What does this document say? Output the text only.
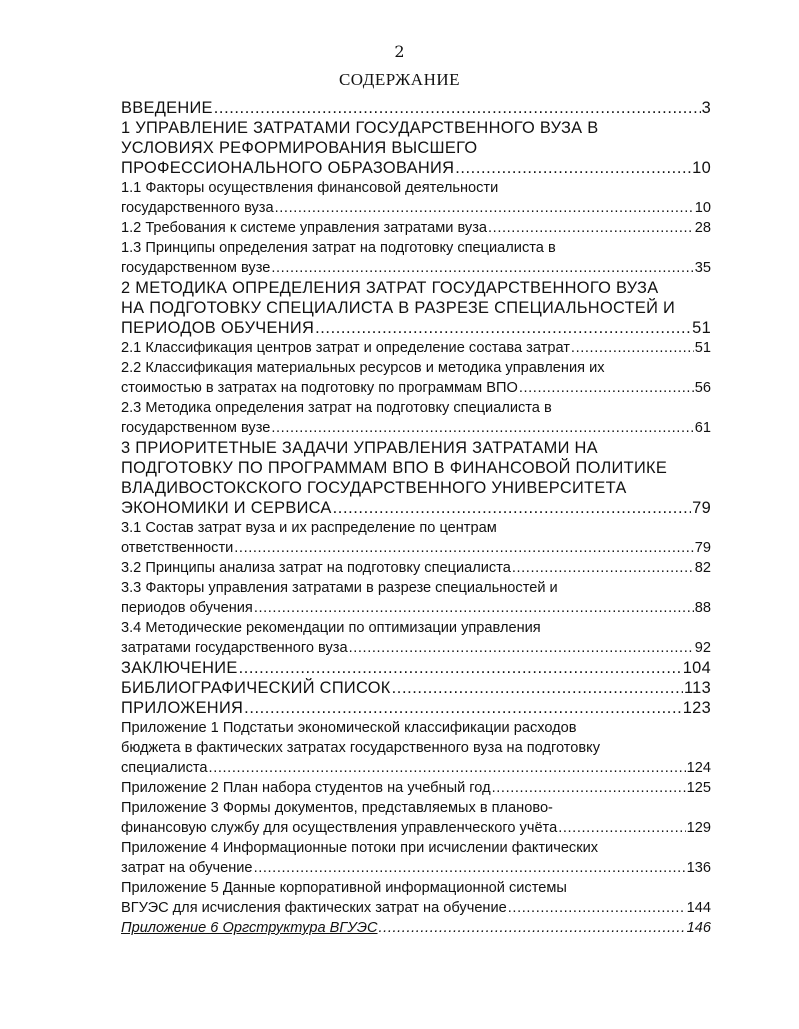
2
СОДЕРЖАНИЕ
ВВЕДЕНИЕ .....	3
1 УПРАВЛЕНИЕ ЗАТРАТАМИ ГОСУДАРСТВЕННОГО ВУЗА В
УСЛОВИЯХ РЕФОРМИРОВАНИЯ ВЫСШЕГО
ПРОФЕССИОНАЛЬНОГО ОБРАЗОВАНИЯ .....	10
1.1 Факторы осуществления финансовой деятельности
государственного вуза .....	10
1.2 Требования к системе управления затратами вуза .....	28
1.3 Принципы определения затрат на подготовку специалиста в
государственном вузе .....	35
2 МЕТОДИКА ОПРЕДЕЛЕНИЯ ЗАТРАТ ГОСУДАРСТВЕННОГО ВУЗА
НА ПОДГОТОВКУ СПЕЦИАЛИСТА В РАЗРЕЗЕ СПЕЦИАЛЬНОСТЕЙ И
ПЕРИОДОВ ОБУЧЕНИЯ .....	51
2.1 Классификация центров затрат и определение состава затрат .....	51
2.2 Классификация материальных ресурсов и методика управления их
стоимостью в затратах на подготовку по программам ВПО .....	56
2.3 Методика определения затрат на подготовку специалиста в
государственном вузе .....	61
3 ПРИОРИТЕТНЫЕ ЗАДАЧИ УПРАВЛЕНИЯ ЗАТРАТАМИ НА
ПОДГОТОВКУ ПО ПРОГРАММАМ ВПО В ФИНАНСОВОЙ ПОЛИТИКЕ
ВЛАДИВОСТОКСКОГО ГОСУДАРСТВЕННОГО УНИВЕРСИТЕТА
ЭКОНОМИКИ И СЕРВИСА .....	79
3.1 Состав затрат вуза и их распределение по центрам
ответственности .....	79
3.2 Принципы анализа затрат на подготовку специалиста .....	82
3.3 Факторы управления затратами в разрезе специальностей и
периодов обучения .....	88
3.4 Методические рекомендации по оптимизации управления
затратами государственного вуза .....	92
ЗАКЛЮЧЕНИЕ .....	104
БИБЛИОГРАФИЧЕСКИЙ СПИСОК .....	113
ПРИЛОЖЕНИЯ .....	123
Приложение 1 Подстатьи экономической классификации расходов
бюджета в фактических затратах государственного вуза на подготовку
специалиста .....	124
Приложение 2 План набора студентов на учебный год .....	125
Приложение 3 Формы документов, представляемых в планово-
финансовую службу для осуществления управленческого учёта .....	129
Приложение 4 Информационные потоки при исчислении фактических
затрат на обучение .....	136
Приложение 5 Данные корпоративной информационной системы
ВГУЭС для исчисления фактических затрат на обучение .....	144
Приложение 6 Оргструктура ВГУЭС .....	146
